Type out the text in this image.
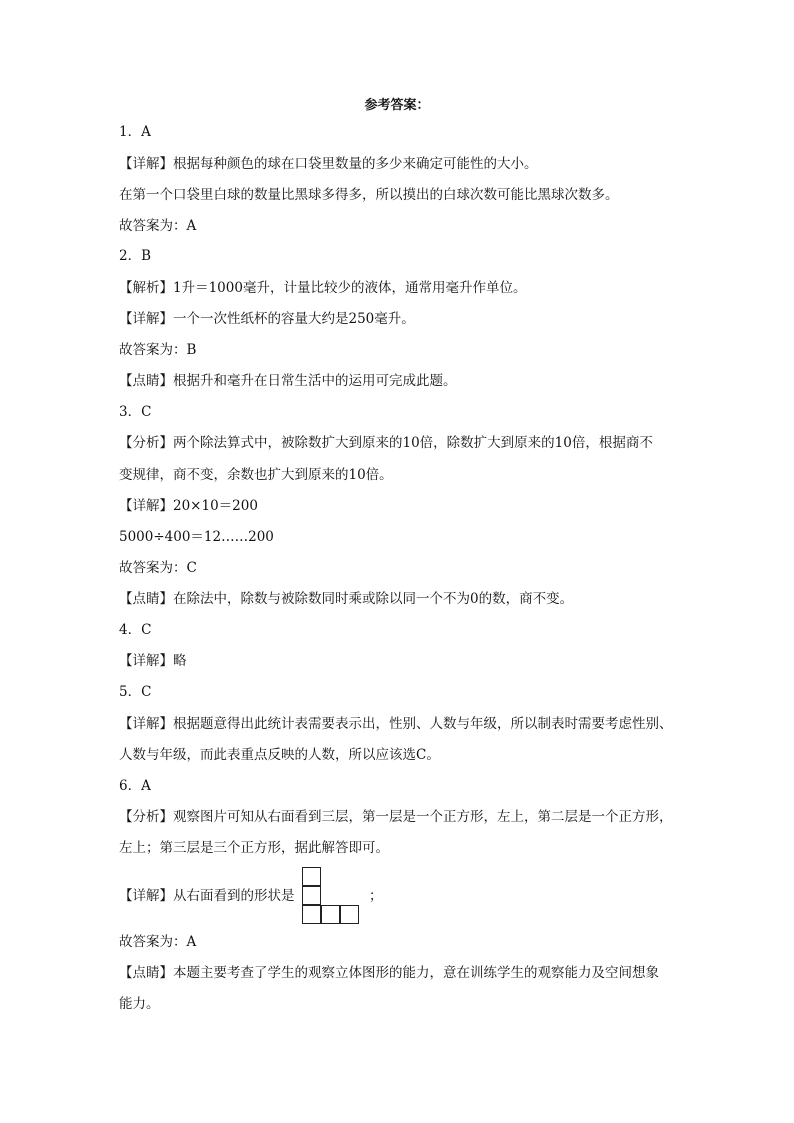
参考答案：
1．A
【详解】根据每种颜色的球在口袋里数量的多少来确定可能性的大小。
在第一个口袋里白球的数量比黑球多得多，所以摸出的白球次数可能比黑球次数多。
故答案为：A
2．B
【解析】1升＝1000毫升，计量比较少的液体，通常用毫升作单位。
【详解】一个一次性纸杯的容量大约是250毫升。
故答案为：B
【点睛】根据升和毫升在日常生活中的运用可完成此题。
3．C
【分析】两个除法算式中，被除数扩大到原来的10倍，除数扩大到原来的10倍，根据商不
变规律，商不变，余数也扩大到原来的10倍。
【详解】20×10＝200
5000÷400＝12……200
故答案为：C
【点睛】在除法中，除数与被除数同时乘或除以同一个不为0的数，商不变。
4．C
【详解】略
5．C
【详解】根据题意得出此统计表需要表示出，性别、人数与年级，所以制表时需要考虑性别、
人数与年级，而此表重点反映的人数，所以应该选C。
6．A
【分析】观察图片可知从右面看到三层，第一层是一个正方形，左上，第二层是一个正方形，
左上；第三层是三个正方形，据此解答即可。
【详解】从右面看到的形状是	；
故答案为：A
【点睛】本题主要考查了学生的观察立体图形的能力，意在训练学生的观察能力及空间想象
能力。
